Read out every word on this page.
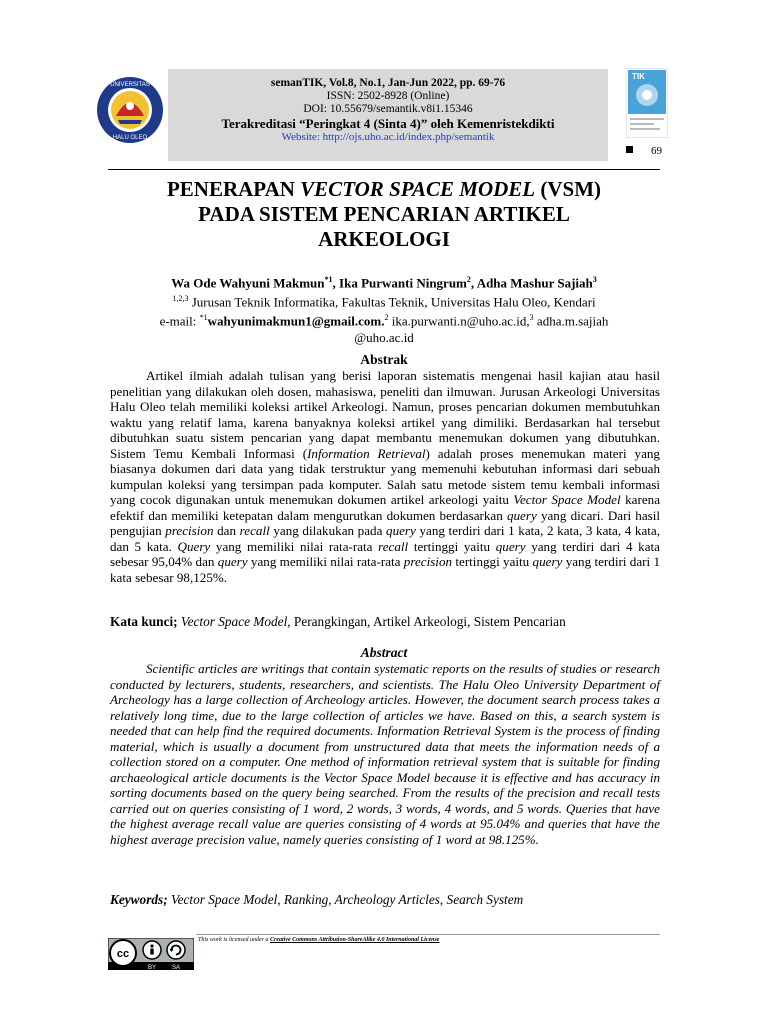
UNIVERSITAS
HALU OLEO
semanTIK, Vol.8, No.1, Jan-Jun 2022, pp. 69-76
ISSN: 2502-8928 (Online)
DOI: 10.55679/semantik.v8i1.15346
Terakreditasi “Peringkat 4 (Sinta 4)” oleh Kemenristekdikti
Website: http://ojs.uho.ac.id/index.php/semantik
TIK
69
PENERAPAN VECTOR SPACE MODEL (VSM)
PADA SISTEM PENCARIAN ARTIKEL
ARKEOLOGI
Wa Ode Wahyuni Makmun$^{*1}$, Ika Purwanti Ningrum$^2$, Adha Mashur Sajiah$^3$
$^{1,2,3}$ Jurusan Teknik Informatika, Fakultas Teknik, Universitas Halu Oleo, Kendari
e-mail: $^{*1}$wahyunimakmun1@gmail.com.$^2$ ika.purwanti.n@uho.ac.id,$^3$ adha.m.sajiah
@uho.ac.id
Abstrak

Artikel ilmiah adalah tulisan yang berisi laporan sistematis mengenai hasil kajian atau hasil penelitian yang dilakukan oleh dosen, mahasiswa, peneliti dan ilmuwan. Jurusan Arkeologi Universitas Halu Oleo telah memiliki koleksi artikel Arkeologi. Namun, proses pencarian dokumen membutuhkan waktu yang relatif lama, karena banyaknya koleksi artikel yang dimiliki. Berdasarkan hal tersebut dibutuhkan suatu sistem pencarian yang dapat membantu menemukan dokumen yang dibutuhkan. Sistem Temu Kembali Informasi (Information Retrieval) adalah proses menemukan materi yang biasanya dokumen dari data yang tidak terstruktur yang memenuhi kebutuhan informasi dari sebuah kumpulan koleksi yang tersimpan pada komputer. Salah satu metode sistem temu kembali informasi yang cocok digunakan untuk menemukan dokumen artikel arkeologi yaitu Vector Space Model karena efektif dan memiliki ketepatan dalam mengurutkan dokumen berdasarkan query yang dicari. Dari hasil pengujian precision dan recall yang dilakukan pada query yang terdiri dari 1 kata, 2 kata, 3 kata, 4 kata, dan 5 kata. Query yang memiliki nilai rata-rata recall tertinggi yaitu query yang terdiri dari 4 kata sebesar 95,04% dan query yang memiliki nilai rata-rata precision tertinggi yaitu query yang terdiri dari 1 kata sebesar 98,125%.

Kata kunci; Vector Space Model, Perangkingan, Artikel Arkeologi, Sistem Pencarian
Abstract

Scientific articles are writings that contain systematic reports on the results of studies or research conducted by lecturers, students, researchers, and scientists. The Halu Oleo University Department of Archeology has a large collection of Archeology articles. However, the document search process takes a relatively long time, due to the large collection of articles we have. Based on this, a search system is needed that can help find the required documents. Information Retrieval System is the process of finding material, which is usually a document from unstructured data that meets the information needs of a collection stored on a computer. One method of information retrieval system that is suitable for finding archaeological article documents is the Vector Space Model because it is effective and has accuracy in sorting documents based on the query being searched. From the results of the precision and recall tests carried out on queries consisting of 1 word, 2 words, 3 words, 4 words, and 5 words. Queries that have the highest average recall value are queries consisting of 4 words at 95.04% and queries that have the highest average precision value, namely queries consisting of 1 word at 98.125%.

Keywords; Vector Space Model, Ranking, Archeology Articles, Search System
cc
BY	SA
This work is licensed under a Creative Commons Attribution-ShareAlike 4.0 International License
